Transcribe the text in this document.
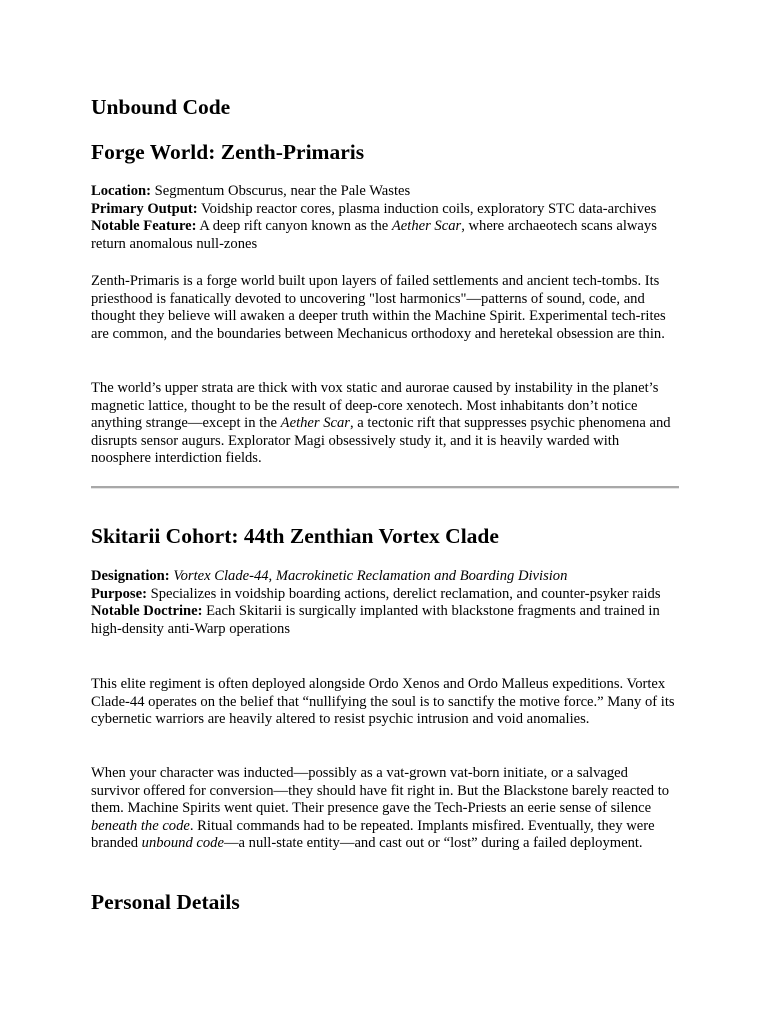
Unbound Code
Forge World: Zenth-Primaris

Location: Segmentum Obscurus, near the Pale Wastes

Primary Output: Voidship reactor cores, plasma induction coils, exploratory STC data-archives

Notable Feature: A deep rift canyon known as the Aether Scar, where archaeotech scans always return anomalous null-zones

Zenth-Primaris is a forge world built upon layers of failed settlements and ancient tech-tombs. Its priesthood is fanatically devoted to uncovering "lost harmonics"—patterns of sound, code, and thought they believe will awaken a deeper truth within the Machine Spirit. Experimental tech-rites are common, and the boundaries between Mechanicus orthodoxy and heretekal obsession are thin.

The world’s upper strata are thick with vox static and aurorae caused by instability in the planet’s magnetic lattice, thought to be the result of deep-core xenotech. Most inhabitants don’t notice anything strange—except in the Aether Scar, a tectonic rift that suppresses psychic phenomena and disrupts sensor augurs. Explorator Magi obsessively study it, and it is heavily warded with noosphere interdiction fields.

Skitarii Cohort: 44th Zenthian Vortex Clade

Designation: Vortex Clade-44, Macrokinetic Reclamation and Boarding Division

Purpose: Specializes in voidship boarding actions, derelict reclamation, and counter-psyker raids

Notable Doctrine: Each Skitarii is surgically implanted with blackstone fragments and trained in high-density anti-Warp operations

This elite regiment is often deployed alongside Ordo Xenos and Ordo Malleus expeditions. Vortex Clade-44 operates on the belief that “nullifying the soul is to sanctify the motive force.” Many of its cybernetic warriors are heavily altered to resist psychic intrusion and void anomalies.

When your character was inducted—possibly as a vat-grown vat-born initiate, or a salvaged survivor offered for conversion—they should have fit right in. But the Blackstone barely reacted to them. Machine Spirits went quiet. Their presence gave the Tech-Priests an eerie sense of silence beneath the code. Ritual commands had to be repeated. Implants misfired. Eventually, they were branded unbound code—a null-state entity—and cast out or “lost” during a failed deployment.

Personal Details
